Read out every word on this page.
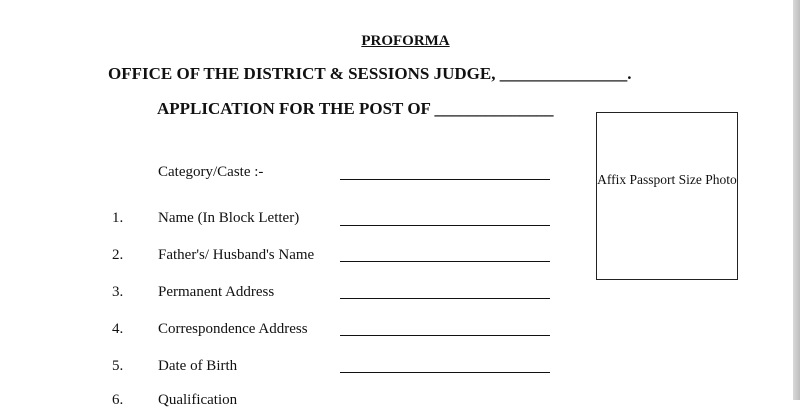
PROFORMA
OFFICE OF THE DISTRICT & SESSIONS JUDGE, _______________.
APPLICATION FOR THE POST OF ______________
Affix Passport Size Photo
Category/Caste :-
1. Name (In Block Letter)
2. Father's/ Husband's Name
3. Permanent Address
4. Correspondence Address
5. Date of Birth
6. Qualification
